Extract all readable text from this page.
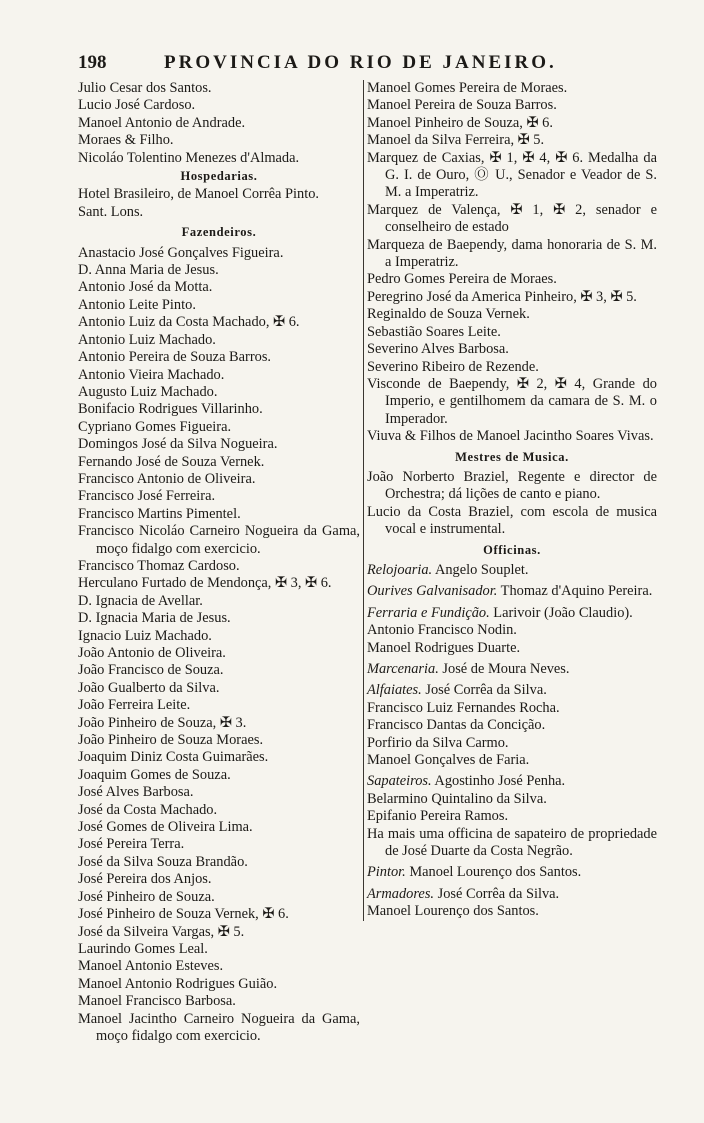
198	PROVINCIA DO RIO DE JANEIRO.

Julio Cesar dos Santos.

Lucio José Cardoso.

Manoel Antonio de Andrade.

Moraes & Filho.

Nicoláo Tolentino Menezes d'Almada.

Hospedarias.

Hotel Brasileiro, de Manoel Corrêa Pinto.

Sant. Lons.

Fazendeiros.

Anastacio José Gonçalves Figueira.

D. Anna Maria de Jesus.

Antonio José da Motta.

Antonio Leite Pinto.

Antonio Luiz da Costa Machado, ✠ 6.

Antonio Luiz Machado.

Antonio Pereira de Souza Barros.

Antonio Vieira Machado.

Augusto Luiz Machado.

Bonifacio Rodrigues Villarinho.

Cypriano Gomes Figueira.

Domingos José da Silva Nogueira.

Fernando José de Souza Vernek.

Francisco Antonio de Oliveira.

Francisco José Ferreira.

Francisco Martins Pimentel.

Francisco Nicoláo Carneiro Nogueira da Gama, moço fidalgo com exercicio.

Francisco Thomaz Cardoso.

Herculano Furtado de Mendonça, ✠ 3, ✠ 6.

D. Ignacia de Avellar.

D. Ignacia Maria de Jesus.

Ignacio Luiz Machado.

João Antonio de Oliveira.

João Francisco de Souza.

João Gualberto da Silva.

João Ferreira Leite.

João Pinheiro de Souza, ✠ 3.

João Pinheiro de Souza Moraes.

Joaquim Diniz Costa Guimarães.

Joaquim Gomes de Souza.

José Alves Barbosa.

José da Costa Machado.

José Gomes de Oliveira Lima.

José Pereira Terra.

José da Silva Souza Brandão.

José Pereira dos Anjos.

José Pinheiro de Souza.

José Pinheiro de Souza Vernek, ✠ 6.

José da Silveira Vargas, ✠ 5.

Laurindo Gomes Leal.

Manoel Antonio Esteves.

Manoel Antonio Rodrigues Guião.

Manoel Francisco Barbosa.

Manoel Jacintho Carneiro Nogueira da Gama, moço fidalgo com exercicio.

Manoel Gomes Pereira de Moraes.

Manoel Pereira de Souza Barros.

Manoel Pinheiro de Souza, ✠ 6.

Manoel da Silva Ferreira, ✠ 5.

Marquez de Caxias, ✠ 1, ✠ 4, ✠ 6. Medalha da G. I. de Ouro, Ⓞ U., Senador e Veador de S. M. a Imperatriz.

Marquez de Valença, ✠ 1, ✠ 2, senador e conselheiro de estado

Marqueza de Baependy, dama honoraria de S. M. a Imperatriz.

Pedro Gomes Pereira de Moraes.

Peregrino José da America Pinheiro, ✠ 3, ✠ 5.

Reginaldo de Souza Vernek.

Sebastião Soares Leite.

Severino Alves Barbosa.

Severino Ribeiro de Rezende.

Visconde de Baependy, ✠ 2, ✠ 4, Grande do Imperio, e gentilhomem da camara de S. M. o Imperador.

Viuva & Filhos de Manoel Jacintho Soares Vivas.

Mestres de Musica.

João Norberto Braziel, Regente e director de Orchestra; dá lições de canto e piano.

Lucio da Costa Braziel, com escola de musica vocal e instrumental.

Officinas.

Relojoaria. Angelo Souplet.

Ourives Galvanisador. Thomaz d'Aquino Pereira.

Ferraria e Fundição. Larivoir (João Claudio).

Antonio Francisco Nodin.

Manoel Rodrigues Duarte.

Marcenaria. José de Moura Neves.

Alfaiates. José Corrêa da Silva.

Francisco Luiz Fernandes Rocha.

Francisco Dantas da Concição.

Porfirio da Silva Carmo.

Manoel Gonçalves de Faria.

Sapateiros. Agostinho José Penha.

Belarmino Quintalino da Silva.

Epifanio Pereira Ramos.

Ha mais uma officina de sapateiro de propriedade de José Duarte da Costa Negrão.

Pintor. Manoel Lourenço dos Santos.

Armadores. José Corrêa da Silva.

Manoel Lourenço dos Santos.
